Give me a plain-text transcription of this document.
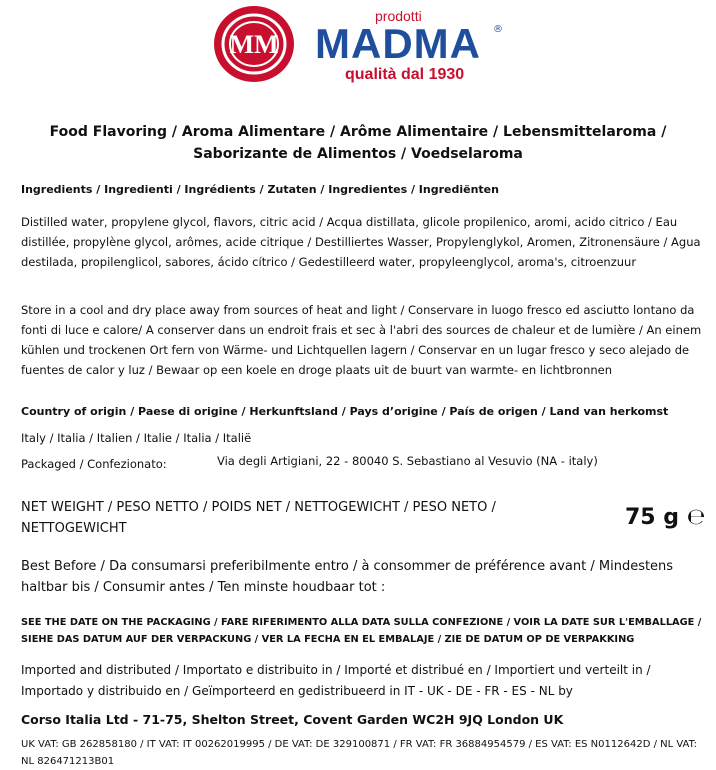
MM
prodotti
MADMA ®
qualità dal 1930
Food Flavoring / Aroma Alimentare / Arôme Alimentaire / Lebensmittelaroma / Saborizante de Alimentos / Voedselaroma
Ingredients / Ingredienti / Ingrédients / Zutaten / Ingredientes / Ingrediënten
Distilled water, propylene glycol, flavors, citric acid / Acqua distillata, glicole propilenico, aromi, acido citrico / Eau distillée, propylène glycol, arômes, acide citrique / Destilliertes Wasser, Propylenglykol, Aromen, Zitronensäure / Agua destilada, propilenglicol, sabores, ácido cítrico / Gedestilleerd water, propyleenglycol, aroma's, citroenzuur
Store in a cool and dry place away from sources of heat and light / Conservare in luogo fresco ed asciutto lontano da fonti di luce e calore/ A conserver dans un endroit frais et sec à l'abri des sources de chaleur et de lumière / An einem kühlen und trockenen Ort fern von Wärme- und Lichtquellen lagern / Conservar en un lugar fresco y seco alejado de fuentes de calor y luz / Bewaar op een koele en droge plaats uit de buurt van warmte- en lichtbronnen
Country of origin / Paese di origine / Herkunftsland / Pays d’origine / País de origen / Land van herkomst
Italy / Italia / Italien / Italie / Italia / Italië
Packaged / Confezionato:	Via degli Artigiani, 22 - 80040 S. Sebastiano al Vesuvio (NA - italy)
NET WEIGHT / PESO NETTO / POIDS NET / NETTOGEWICHT / PESO NETO / NETTOGEWICHT	75 g ℮
Best Before / Da consumarsi preferibilmente entro / à consommer de préférence avant / Mindestens haltbar bis / Consumir antes / Ten minste houdbaar tot :
SEE THE DATE ON THE PACKAGING / FARE RIFERIMENTO ALLA DATA SULLA CONFEZIONE / VOIR LA DATE SUR L'EMBALLAGE / SIEHE DAS DATUM AUF DER VERPACKUNG / VER LA FECHA EN EL EMBALAJE / ZIE DE DATUM OP DE VERPAKKING
Imported and distributed / Importato e distribuito in / Importé et distribué en / Importiert und verteilt in / Importado y distribuido en / Geïmporteerd en gedistribueerd in IT - UK - DE - FR - ES - NL by
Corso Italia Ltd - 71-75, Shelton Street, Covent Garden WC2H 9JQ London UK
UK VAT: GB 262858180 / IT VAT: IT 00262019995 / DE VAT: DE 329100871 / FR VAT: FR 36884954579 / ES VAT: ES N0112642D / NL VAT: NL 826471213B01
